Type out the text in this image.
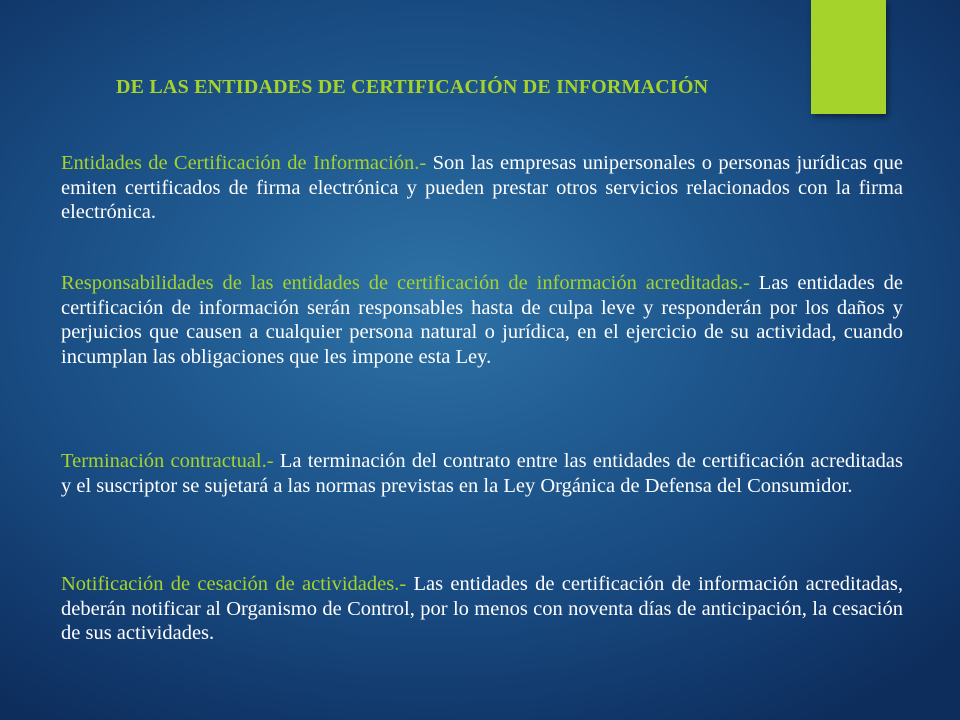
DE LAS ENTIDADES DE CERTIFICACIÓN DE INFORMACIÓN

Entidades de Certificación de Información.- Son las empresas unipersonales o personas jurídicas que emiten certificados de firma electrónica y pueden prestar otros servicios relacionados con la firma electrónica.

Responsabilidades de las entidades de certificación de información acreditadas.- Las entidades de certificación de información serán responsables hasta de culpa leve y responderán por los daños y perjuicios que causen a cualquier persona natural o jurídica, en el ejercicio de su actividad, cuando incumplan las obligaciones que les impone esta Ley.

Terminación contractual.- La terminación del contrato entre las entidades de certificación acreditadas y el suscriptor se sujetará a las normas previstas en la Ley Orgánica de Defensa del Consumidor.

Notificación de cesación de actividades.- Las entidades de certificación de información acreditadas, deberán notificar al Organismo de Control, por lo menos con noventa días de anticipación, la cesación de sus actividades.
